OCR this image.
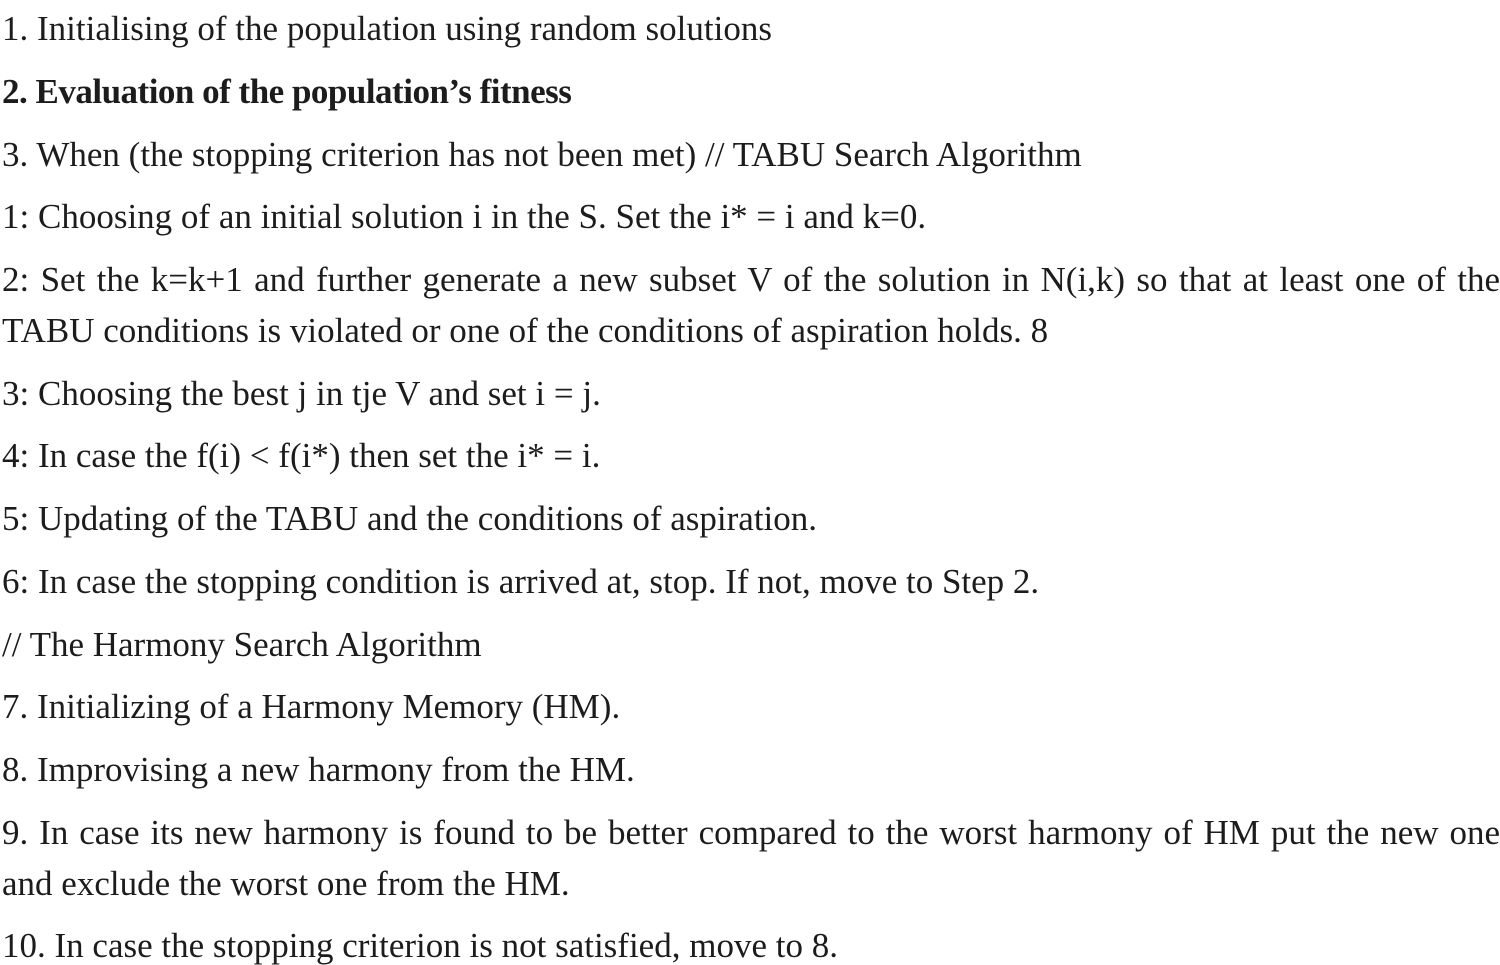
1. Initialising of the population using random solutions

2. Evaluation of the population’s fitness

3. When (the stopping criterion has not been met) // TABU Search Algorithm

1: Choosing of an initial solution i in the S. Set the i* = i and k=0.

2: Set the k=k+1 and further generate a new subset V of the solution in N(i,k) so that at least one of the TABU conditions is violated or one of the conditions of aspiration holds. 8

3: Choosing the best j in tje V and set i = j.

4: In case the f(i) < f(i*) then set the i* = i.

5: Updating of the TABU and the conditions of aspiration.

6: In case the stopping condition is arrived at, stop. If not, move to Step 2.

// The Harmony Search Algorithm

7. Initializing of a Harmony Memory (HM).

8. Improvising a new harmony from the HM.

9. In case its new harmony is found to be better compared to the worst harmony of HM put the new one and exclude the worst one from the HM.

10. In case the stopping criterion is not satisfied, move to 8.
